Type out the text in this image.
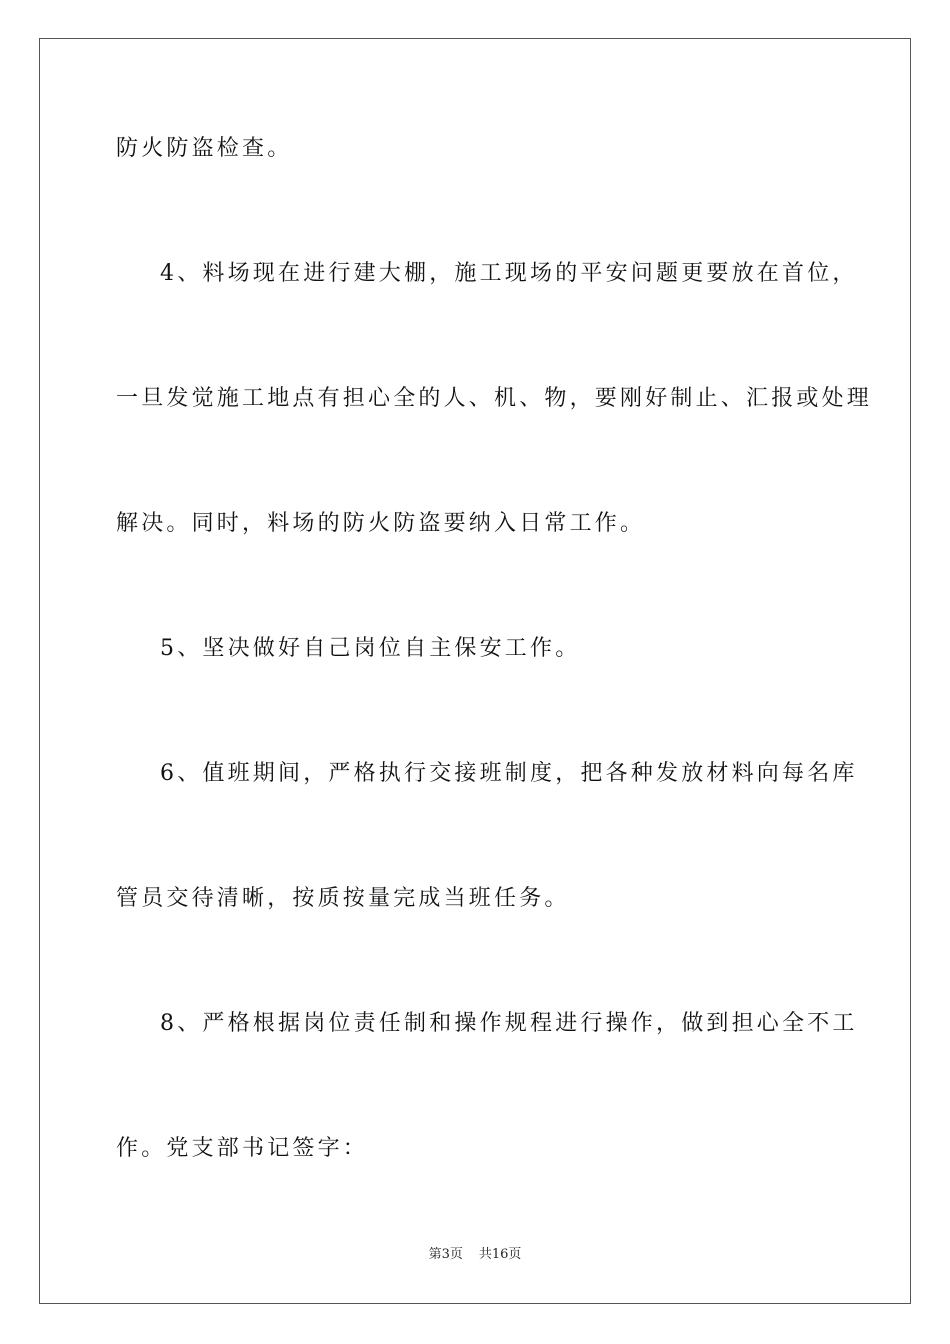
防火防盗检查。
4、料场现在进行建大棚，施工现场的平安问题更要放在首位，
一旦发觉施工地点有担心全的人、机、物，要刚好制止、汇报或处理
解决。同时，料场的防火防盗要纳入日常工作。
5、坚决做好自己岗位自主保安工作。
6、值班期间，严格执行交接班制度，把各种发放材料向每名库
管员交待清晰，按质按量完成当班任务。
8、严格根据岗位责任制和操作规程进行操作，做到担心全不工
作。党支部书记签字：
第3页 共16页
